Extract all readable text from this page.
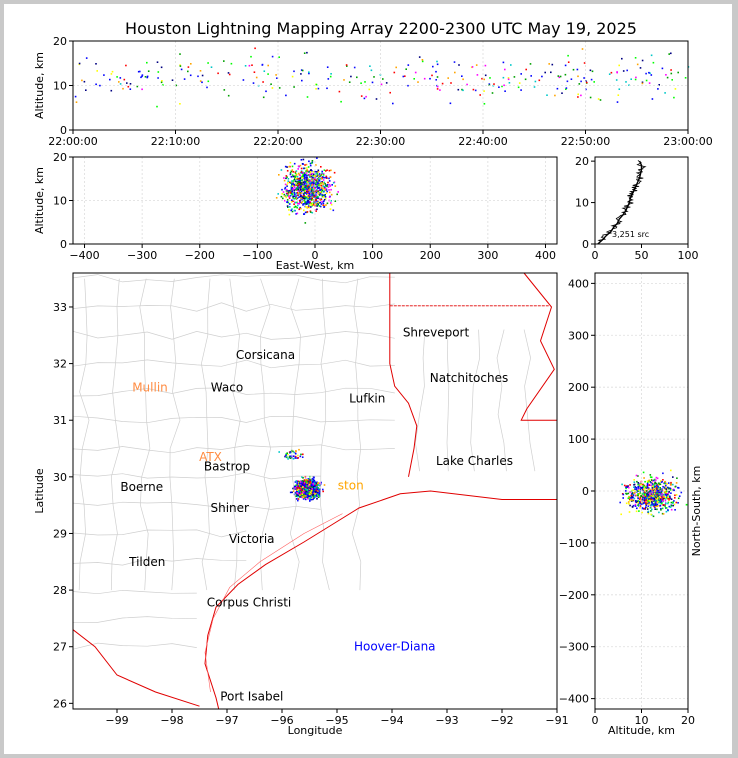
Houston Lightning Mapping Array 2200-2300 UTC May 19, 2025
22:00:00	22:10:00	22:20:00	22:30:00	22:40:00	22:50:00	23:00:00
0
10
20
Altitude, km
−400 −300 −200 −100	0	100	200	300	400
0
10
20
East-West, km
Altitude, km
0	50	100
0
10
20
3,251 src
−99	−98	−97	−96	−95	−94	−93	−92	−91
26
27
28
29
30
31
32
33
Longitude
Latitude
Shreveport
Corsicana
Natchitoches
Mullin	Waco
Lufkin
ATX
Bastrop	Lake Charles
ston
Boerne
Shiner
Victoria
Tilden
Corpus Christi
Hoover-Diana
Port Isabel
0	10	20
−400
−300
−200
−100
0
100
200
300
400
Altitude, km
North-South, km
